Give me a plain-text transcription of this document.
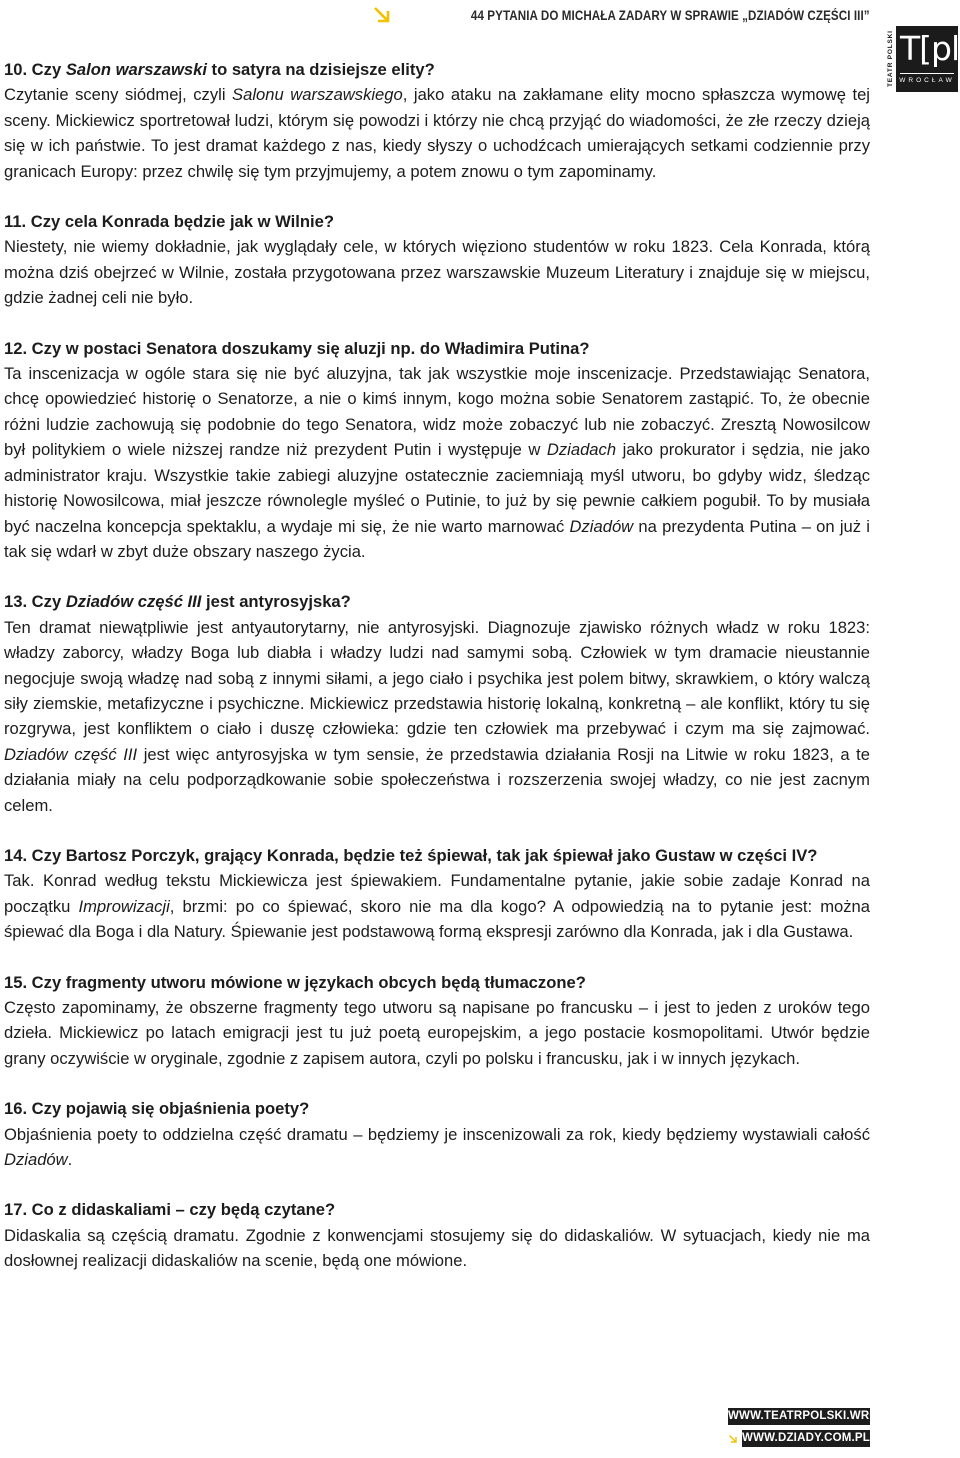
44 PYTANIA DO MICHAŁA ZADARY W SPRAWIE „DZIADÓW CZĘŚCI III”
TEATR POLSKI T[pl
WROCŁAW

10. Czy Salon warszawski to satyra na dzisiejsze elity?

Czytanie sceny siódmej, czyli Salonu warszawskiego, jako ataku na zakłamane elity mocno spłaszcza wymowę tej sceny. Mickiewicz sportretował ludzi, którym się powodzi i którzy nie chcą przyjąć do wiadomości, że złe rzeczy dzieją się w ich państwie. To jest dramat każdego z nas, kiedy słyszy o uchodźcach umierających setkami codziennie przy granicach Europy: przez chwilę się tym przyjmujemy, a potem znowu o tym zapominamy.

11. Czy cela Konrada będzie jak w Wilnie?

Niestety, nie wiemy dokładnie, jak wyglądały cele, w których więziono studentów w roku 1823. Cela Konrada, którą można dziś obejrzeć w Wilnie, została przygotowana przez warszawskie Muzeum Literatury i znajduje się w miejscu, gdzie żadnej celi nie było.

12. Czy w postaci Senatora doszukamy się aluzji np. do Władimira Putina?

Ta inscenizacja w ogóle stara się nie być aluzyjna, tak jak wszystkie moje inscenizacje. Przedstawiając Senatora, chcę opowiedzieć historię o Senatorze, a nie o kimś innym, kogo można sobie Senatorem zastąpić. To, że obecnie różni ludzie zachowują się podobnie do tego Senatora, widz może zobaczyć lub nie zobaczyć. Zresztą Nowosilcow był politykiem o wiele niższej randze niż prezydent Putin i występuje w Dziadach jako prokurator i sędzia, nie jako administrator kraju. Wszystkie takie zabiegi aluzyjne ostatecznie zaciemniają myśl utworu, bo gdyby widz, śledząc historię Nowosilcowa, miał jeszcze równolegle myśleć o Putinie, to już by się pewnie całkiem pogubił. To by musiała być naczelna koncepcja spektaklu, a wydaje mi się, że nie warto marnować Dziadów na prezydenta Putina – on już i tak się wdarł w zbyt duże obszary naszego życia.

13. Czy Dziadów część III jest antyrosyjska?

Ten dramat niewątpliwie jest antyautorytarny, nie antyrosyjski. Diagnozuje zjawisko różnych władz w roku 1823: władzy zaborcy, władzy Boga lub diabła i władzy ludzi nad samymi sobą. Człowiek w tym dramacie nieustannie negocjuje swoją władzę nad sobą z innymi siłami, a jego ciało i psychika jest polem bitwy, skrawkiem, o który walczą siły ziemskie, metafizyczne i psychiczne. Mickiewicz przedstawia historię lokalną, konkretną – ale konflikt, który tu się rozgrywa, jest konfliktem o ciało i duszę człowieka: gdzie ten człowiek ma przebywać i czym ma się zajmować. Dziadów część III jest więc antyrosyjska w tym sensie, że przedstawia działania Rosji na Litwie w roku 1823, a te działania miały na celu podporządkowanie sobie społeczeństwa i rozszerzenia swojej władzy, co nie jest zacnym celem.

14. Czy Bartosz Porczyk, grający Konrada, będzie też śpiewał, tak jak śpiewał jako Gustaw w części IV?

Tak. Konrad według tekstu Mickiewicza jest śpiewakiem. Fundamentalne pytanie, jakie sobie zadaje Konrad na początku Improwizacji, brzmi: po co śpiewać, skoro nie ma dla kogo? A odpowiedzią na to pytanie jest: można śpiewać dla Boga i dla Natury. Śpiewanie jest podstawową formą ekspresji zarówno dla Konrada, jak i dla Gustawa.

15. Czy fragmenty utworu mówione w językach obcych będą tłumaczone?

Często zapominamy, że obszerne fragmenty tego utworu są napisane po francusku – i jest to jeden z uroków tego dzieła. Mickiewicz po latach emigracji jest tu już poetą europejskim, a jego postacie kosmopolitami. Utwór będzie grany oczywiście w oryginale, zgodnie z zapisem autora, czyli po polsku i francusku, jak i w innych językach.

16. Czy pojawią się objaśnienia poety?

Objaśnienia poety to oddzielna część dramatu – będziemy je inscenizowali za rok, kiedy będziemy wystawiali całość Dziadów.

17. Co z didaskaliami – czy będą czytane?

Didaskalia są częścią dramatu. Zgodnie z konwencjami stosujemy się do didaskaliów. W sytuacjach, kiedy nie ma dosłownej realizacji didaskaliów na scenie, będą one mówione.

WWW.TEATRPOLSKI.WROC.PL
WWW.DZIADY.COM.PL
